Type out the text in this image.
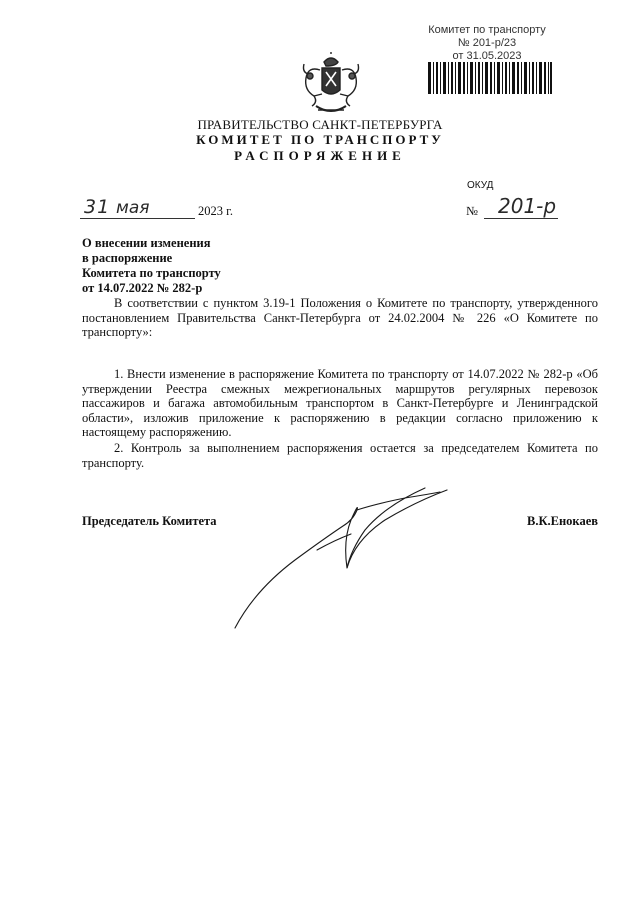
Комитет по транспорту
№ 201-р/23
от 31.05.2023
ПРАВИТЕЛЬСТВО САНКТ-ПЕТЕРБУРГА
КОМИТЕТ ПО ТРАНСПОРТУ
РАСПОРЯЖЕНИЕ
ОКУД
31 мая	2023 г.	№ 201-р
О внесении изменения
в распоряжение
Комитета по транспорту
от 14.07.2022 № 282-р
В соответствии с пунктом 3.19-1 Положения о Комитете по транспорту, утвержденного постановлением Правительства Санкт-Петербурга от 24.02.2004 № 226 «О Комитете по транспорту»:
1. Внести изменение в распоряжение Комитета по транспорту от 14.07.2022 № 282-р «Об утверждении Реестра смежных межрегиональных маршрутов регулярных перевозок пассажиров и багажа автомобильным транспортом в Санкт-Петербурге и Ленинградской области», изложив приложение к распоряжению в редакции согласно приложению к настоящему распоряжению.
2. Контроль за выполнением распоряжения остается за председателем Комитета по транспорту.
Председатель Комитета	В.К.Енокаев
